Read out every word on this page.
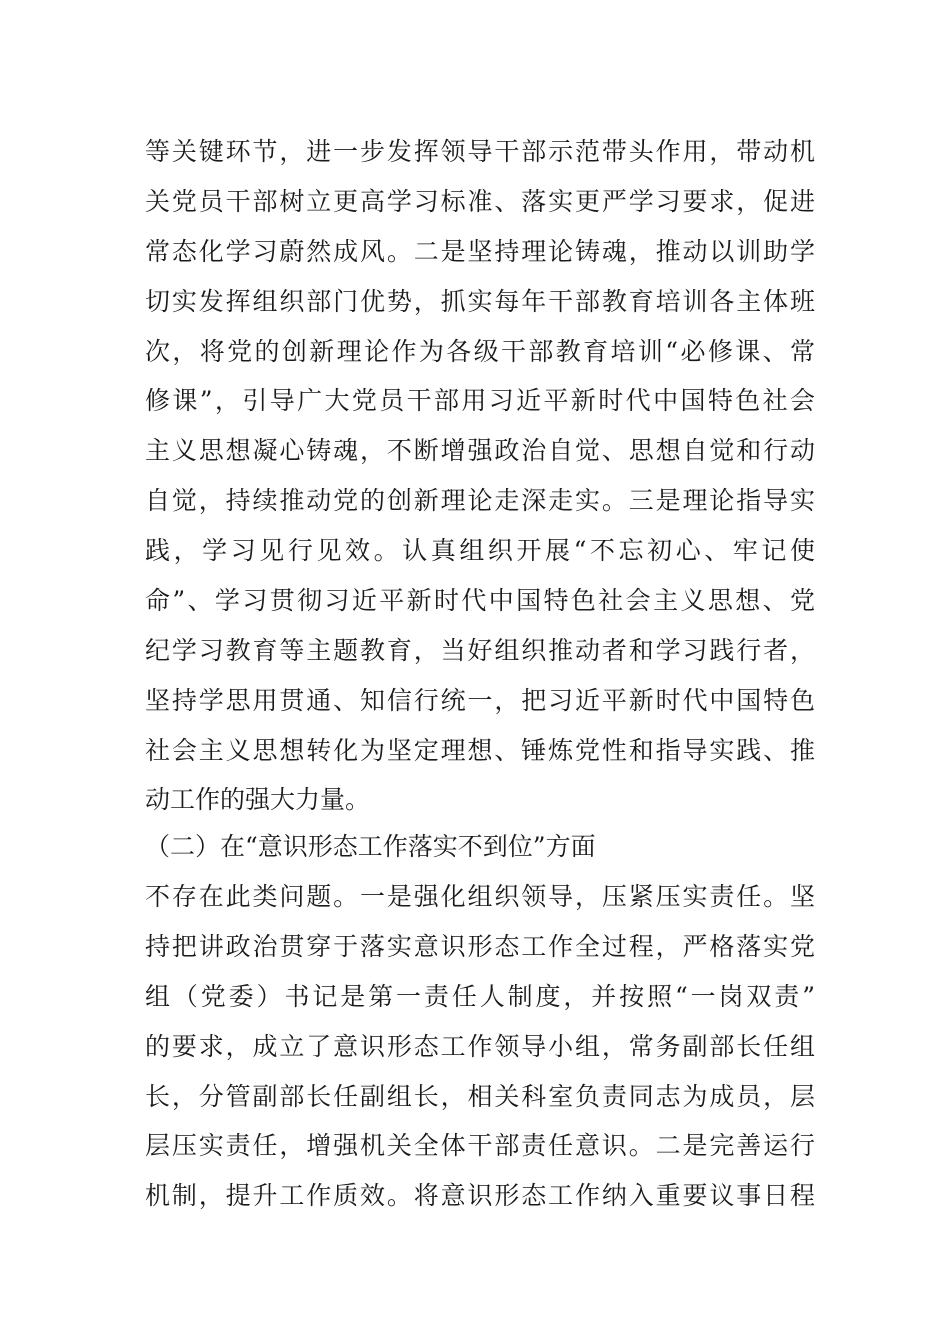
等关键环节，进一步发挥领导干部示范带头作用，带动机
关党员干部树立更高学习标准、落实更严学习要求，促进
常态化学习蔚然成风。二是坚持理论铸魂，推动以训助学
切实发挥组织部门优势，抓实每年干部教育培训各主体班
次，将党的创新理论作为各级干部教育培训“必修课、常
修课”，引导广大党员干部用习近平新时代中国特色社会
主义思想凝心铸魂，不断增强政治自觉、思想自觉和行动
自觉，持续推动党的创新理论走深走实。三是理论指导实
践，学习见行见效。认真组织开展“不忘初心、牢记使
命”、学习贯彻习近平新时代中国特色社会主义思想、党
纪学习教育等主题教育，当好组织推动者和学习践行者，
坚持学思用贯通、知信行统一，把习近平新时代中国特色
社会主义思想转化为坚定理想、锤炼党性和指导实践、推
动工作的强大力量。
（二）在“意识形态工作落实不到位”方面
不存在此类问题。一是强化组织领导，压紧压实责任。坚
持把讲政治贯穿于落实意识形态工作全过程，严格落实党
组（党委）书记是第一责任人制度，并按照“一岗双责”
的要求，成立了意识形态工作领导小组，常务副部长任组
长，分管副部长任副组长，相关科室负责同志为成员，层
层压实责任，增强机关全体干部责任意识。二是完善运行
机制，提升工作质效。将意识形态工作纳入重要议事日程
